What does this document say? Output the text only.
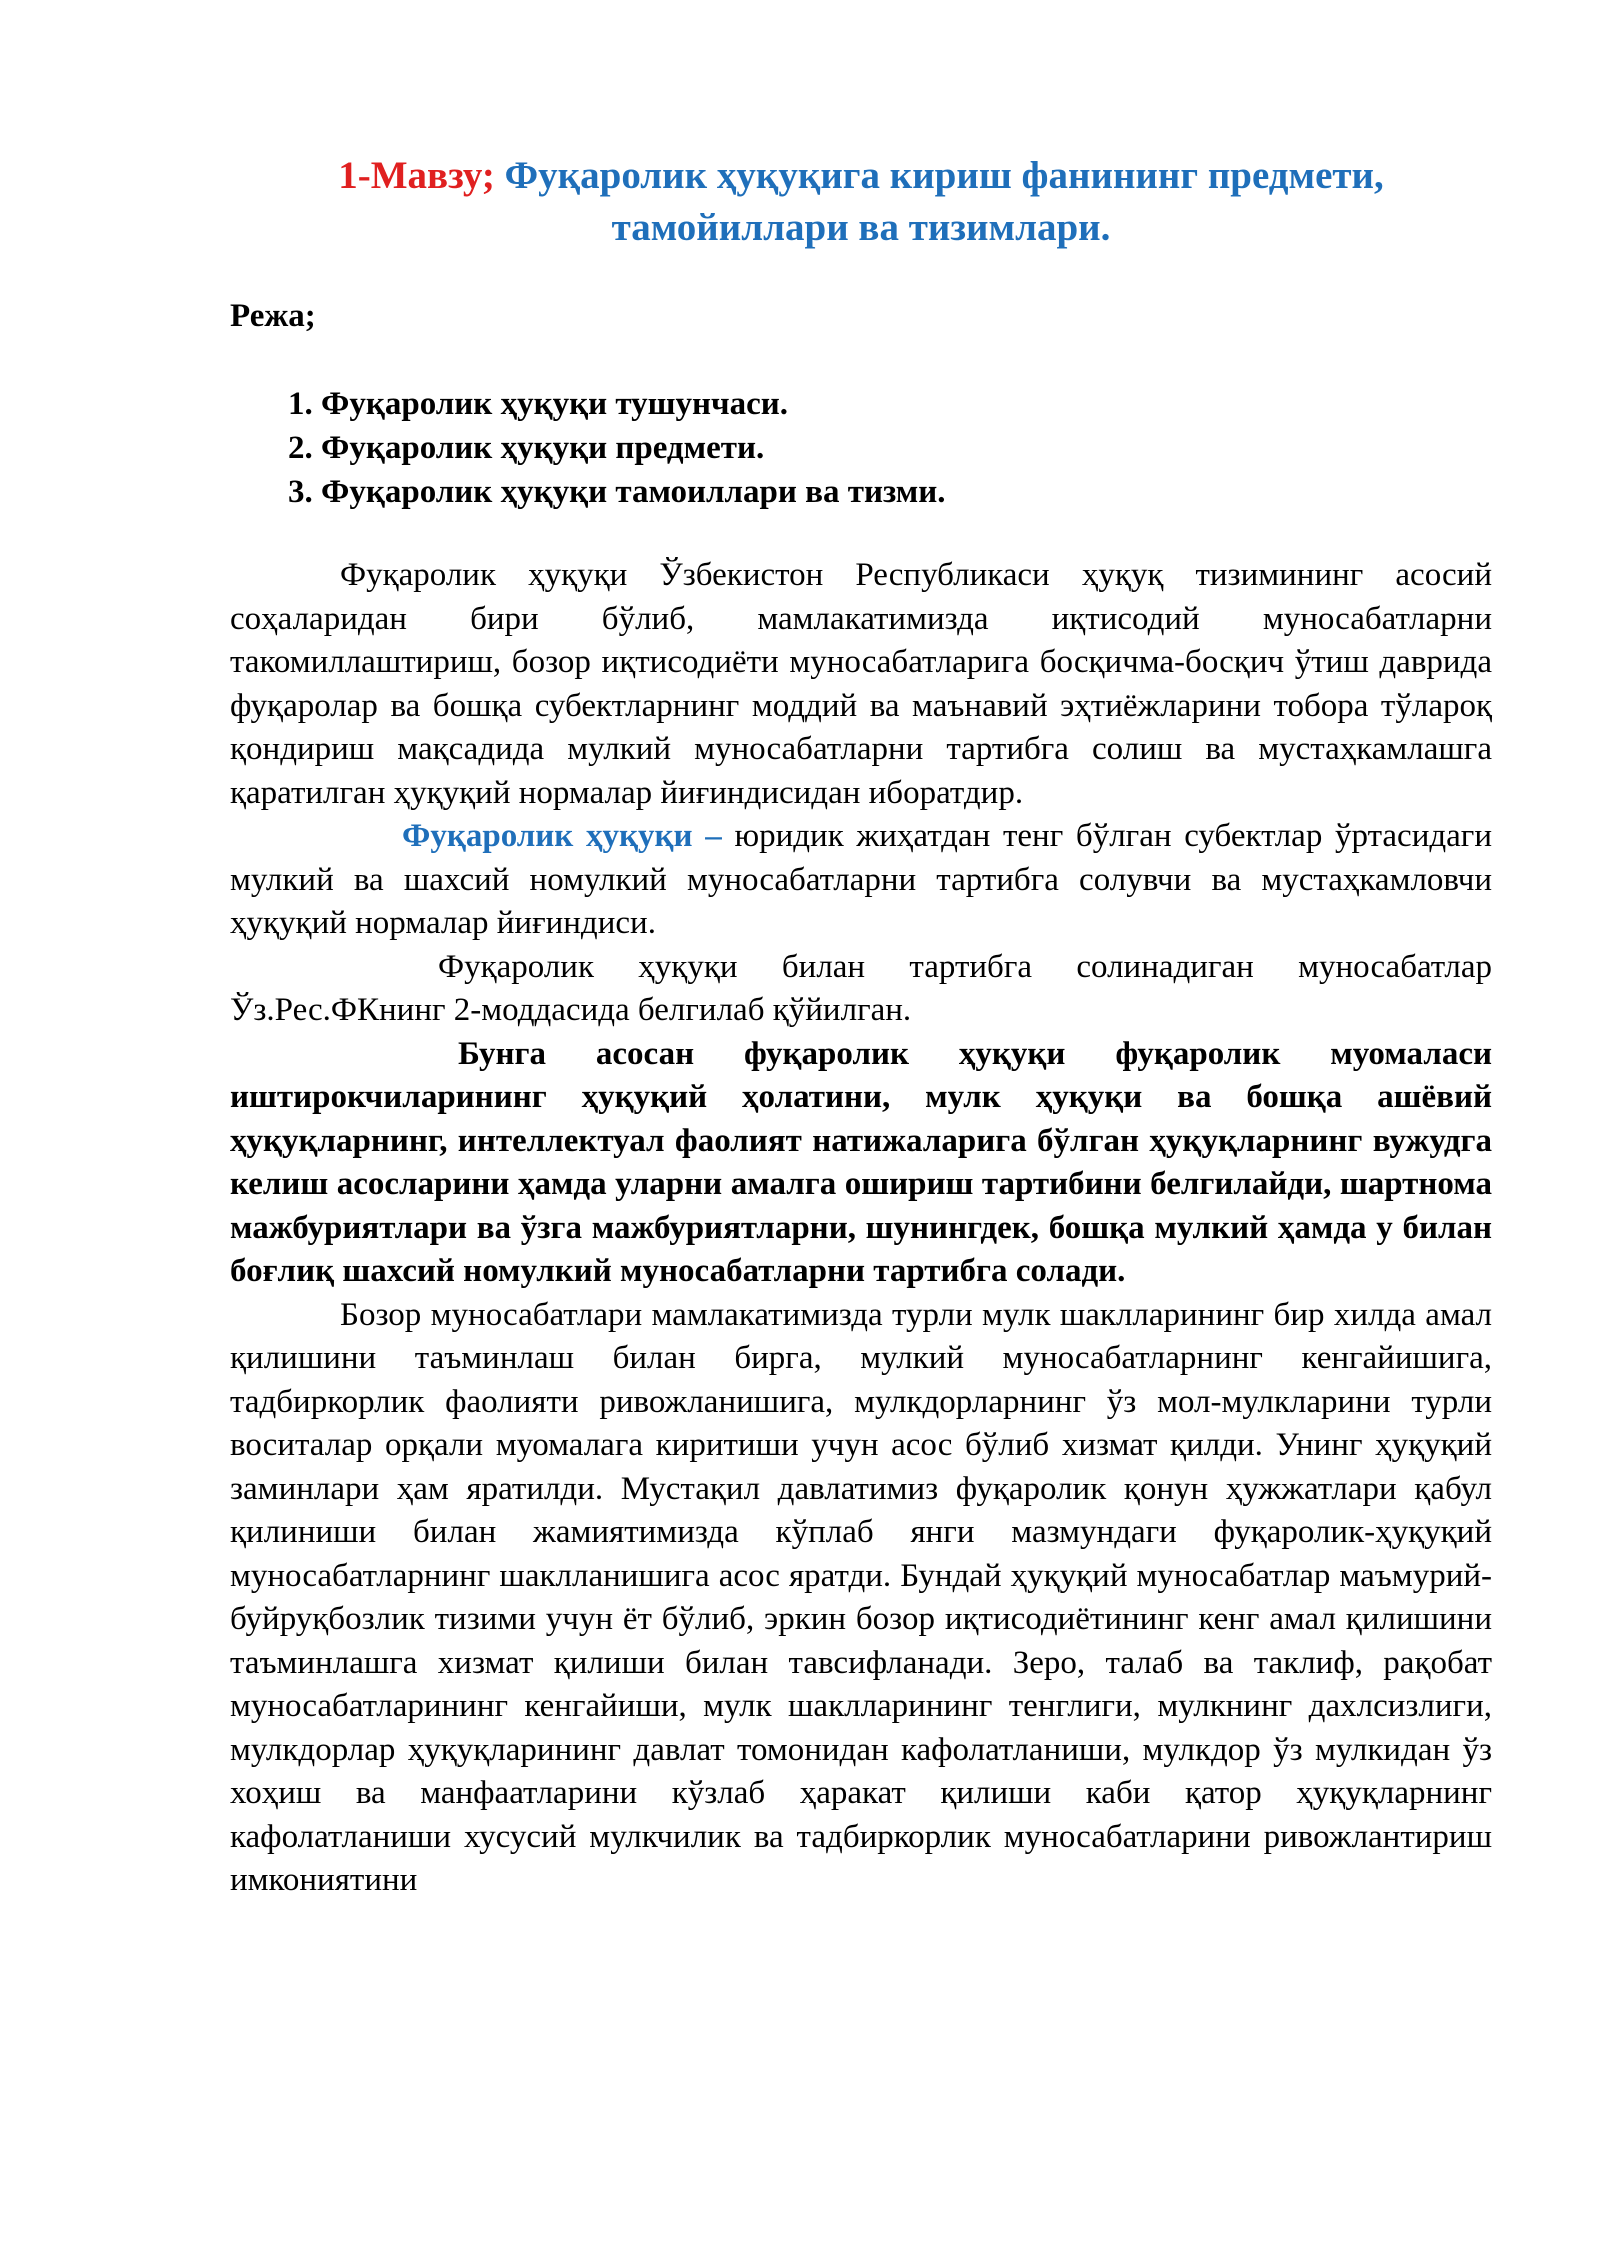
1-Мавзу; Фуқаролик ҳуқуқига кириш фанининг предмети,
тамойиллари ва тизимлари.

Режа;

1. Фуқаролик ҳуқуқи тушунчаси.
2. Фуқаролик ҳуқуқи предмети.
3. Фуқаролик ҳуқуқи тамоиллари ва тизми.

Фуқаролик ҳуқуқи Ўзбекистон Республикаси ҳуқуқ тизимининг асосий соҳаларидан бири бўлиб, мамлакатимизда иқтисодий муносабатларни такомиллаштириш, бозор иқтисодиёти муносабатларига босқичма-босқич ўтиш даврида фуқаролар ва бошқа субектларнинг моддий ва маънавий эҳтиёжларини тобора тўлароқ қондириш мақсадида мулкий муносабатларни тартибга солиш ва мустаҳкамлашга қаратилган ҳуқуқий нормалар йиғиндисидан иборатдир.

Фуқаролик ҳуқуқи – юридик жиҳатдан тенг бўлган субектлар ўртасидаги мулкий ва шахсий номулкий муносабатларни тартибга солувчи ва мустаҳкамловчи ҳуқуқий нормалар йиғиндиси.

Фуқаролик ҳуқуқи билан тартибга солинадиган муносабатлар Ўз.Рес.ФКнинг 2-моддасида белгилаб қўйилган.

Бунга асосан фуқаролик ҳуқуқи фуқаролик муомаласи иштирокчиларининг ҳуқуқий ҳолатини, мулк ҳуқуқи ва бошқа ашёвий ҳуқуқларнинг, интеллектуал фаолият натижаларига бўлган ҳуқуқларнинг вужудга келиш асосларини ҳамда уларни амалга ошириш тартибини белгилайди, шартнома мажбуриятлари ва ўзга мажбуриятларни, шунингдек, бошқа мулкий ҳамда у билан боғлиқ шахсий номулкий муносабатларни тартибга солади.

Бозор муносабатлари мамлакатимизда турли мулк шаклларининг бир хилда амал қилишини таъминлаш билан бирга, мулкий муносабатларнинг кенгайишига, тадбиркорлик фаолияти ривожланишига, мулкдорларнинг ўз мол-мулкларини турли воситалар орқали муомалага киритиши учун асос бўлиб хизмат қилди. Унинг ҳуқуқий заминлари ҳам яратилди. Мустақил давлатимиз фуқаролик қонун ҳужжатлари қабул қилиниши билан жамиятимизда кўплаб янги мазмундаги фуқаролик-ҳуқуқий муносабатларнинг шаклланишига асос яратди. Бундай ҳуқуқий муносабатлар маъмурий- буйруқбозлик тизими учун ёт бўлиб, эркин бозор иқтисодиётининг кенг амал қилишини таъминлашга хизмат қилиши билан тавсифланади. Зеро, талаб ва таклиф, рақобат муносабатларининг кенгайиши, мулк шаклларининг тенглиги, мулкнинг дахлсизлиги, мулкдорлар ҳуқуқларининг давлат томонидан кафолатланиши, мулкдор ўз мулкидан ўз хоҳиш ва манфаатларини кўзлаб ҳаракат қилиши каби қатор ҳуқуқларнинг кафолатланиши хусусий мулкчилик ва тадбиркорлик муносабатларини ривожлантириш имкониятини
